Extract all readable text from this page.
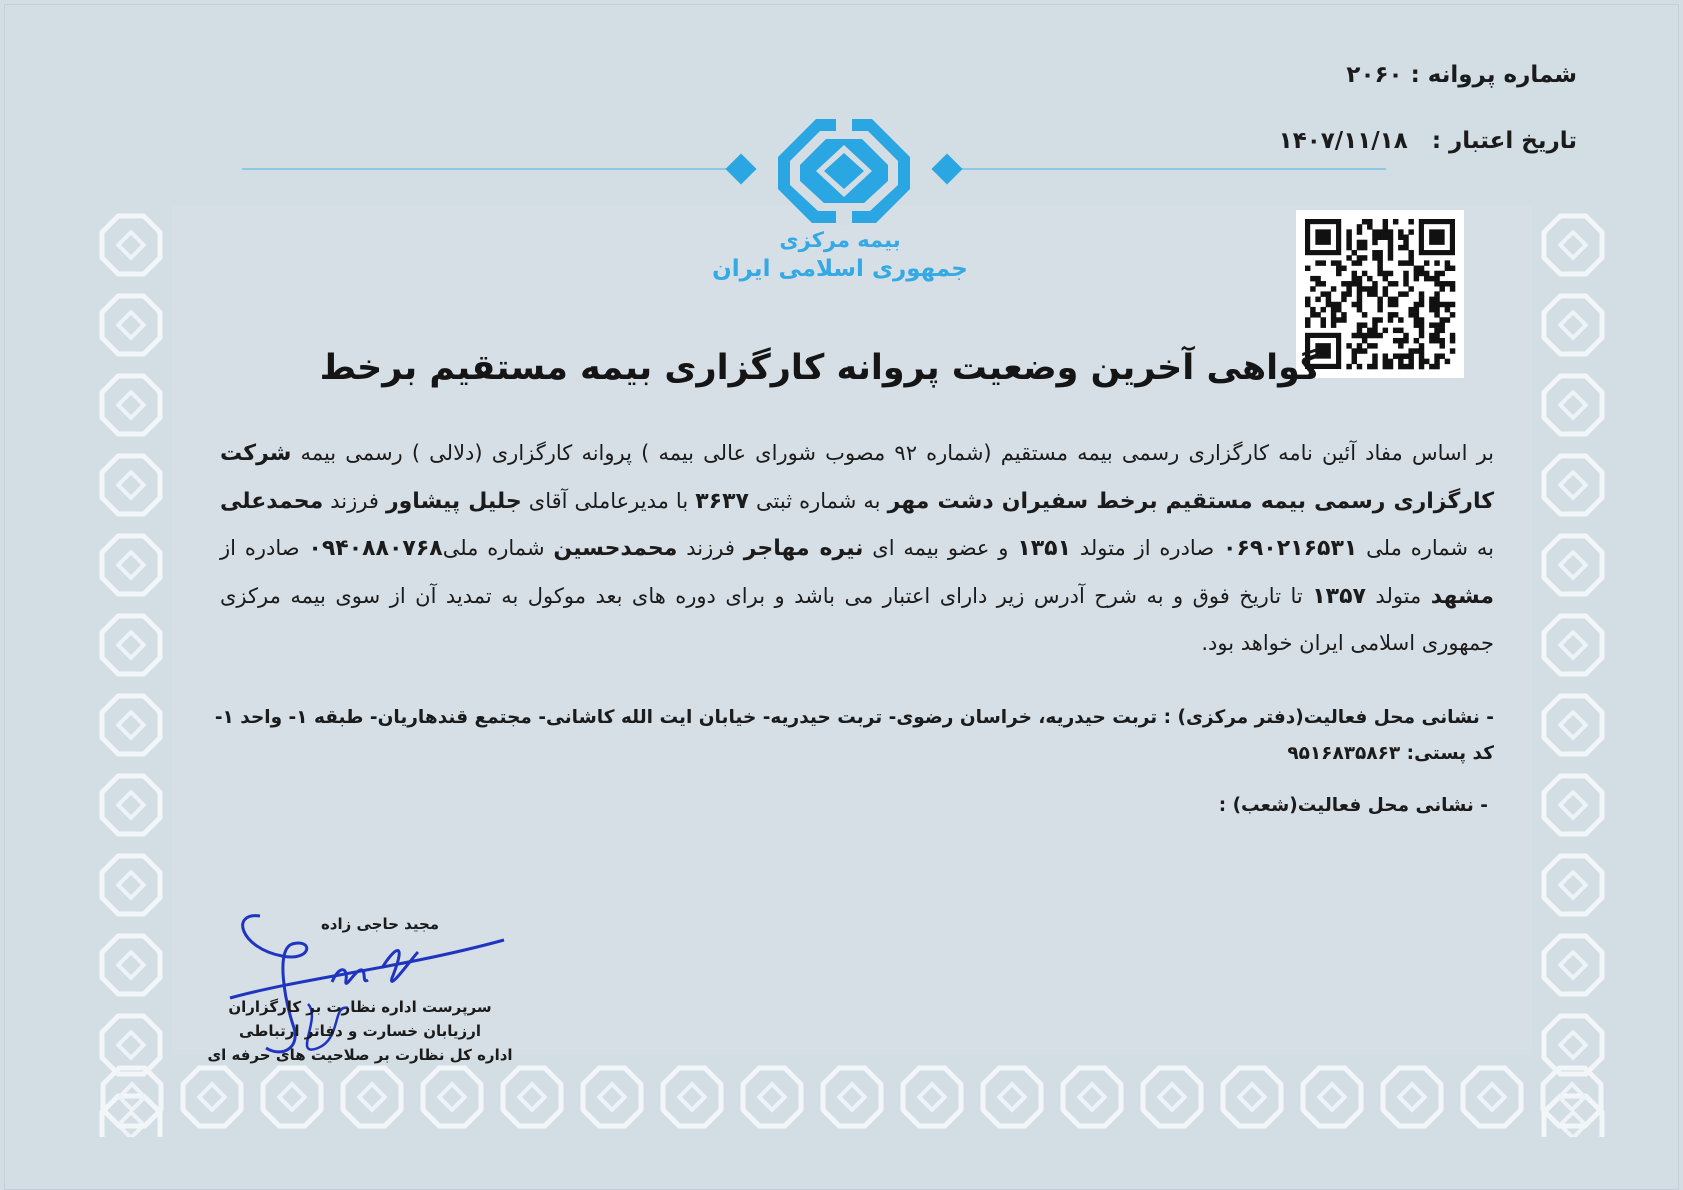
شماره پروانه : ۲۰۶۰
تاریخ اعتبار :   ۱۴۰۷/۱۱/۱۸
بیمه مرکزی
جمهوری اسلامی ایران
گواهی آخرین وضعیت پروانه کارگزاری بیمه مستقیم برخط
بر اساس مفاد آئین نامه کارگزاری رسمی بیمه مستقیم (شماره ۹۲ مصوب شورای عالی بیمه ) پروانه کارگزاری (دلالی ) رسمی بیمه شرکت کارگزاری رسمی بیمه مستقیم برخط سفیران دشت مهر به شماره ثبتی ۳۶۳۷ با مدیرعاملی آقای جلیل پیشاور فرزند محمدعلی به شماره ملی ۰۶۹۰۲۱۶۵۳۱ صادره از متولد ۱۳۵۱ و عضو بیمه ای نیره مهاجر فرزند محمدحسین شماره ملی۰۹۴۰۸۸۰۷۶۸ صادره از مشهد متولد ۱۳۵۷ تا تاریخ فوق و به شرح آدرس زیر دارای اعتبار می باشد و برای دوره های بعد موکول به تمدید آن از سوی بیمه مرکزی جمهوری اسلامی ایران خواهد بود.
- نشانی محل فعالیت(دفتر مرکزی) : تربت حیدریه، خراسان رضوی- تربت حیدریه- خیابان ایت الله کاشانی- مجتمع قندهاریان- طبقه ۱- واحد ۱- کد پستی: ۹۵۱۶۸۳۵۸۶۳
- نشانی محل فعالیت(شعب) :
مجید حاجی زاده
سرپرست اداره نظارت بر کارگزاران
ارزیابان خسارت و دفاتر ارتباطی
اداره کل نظارت بر صلاحیت های حرفه ای
